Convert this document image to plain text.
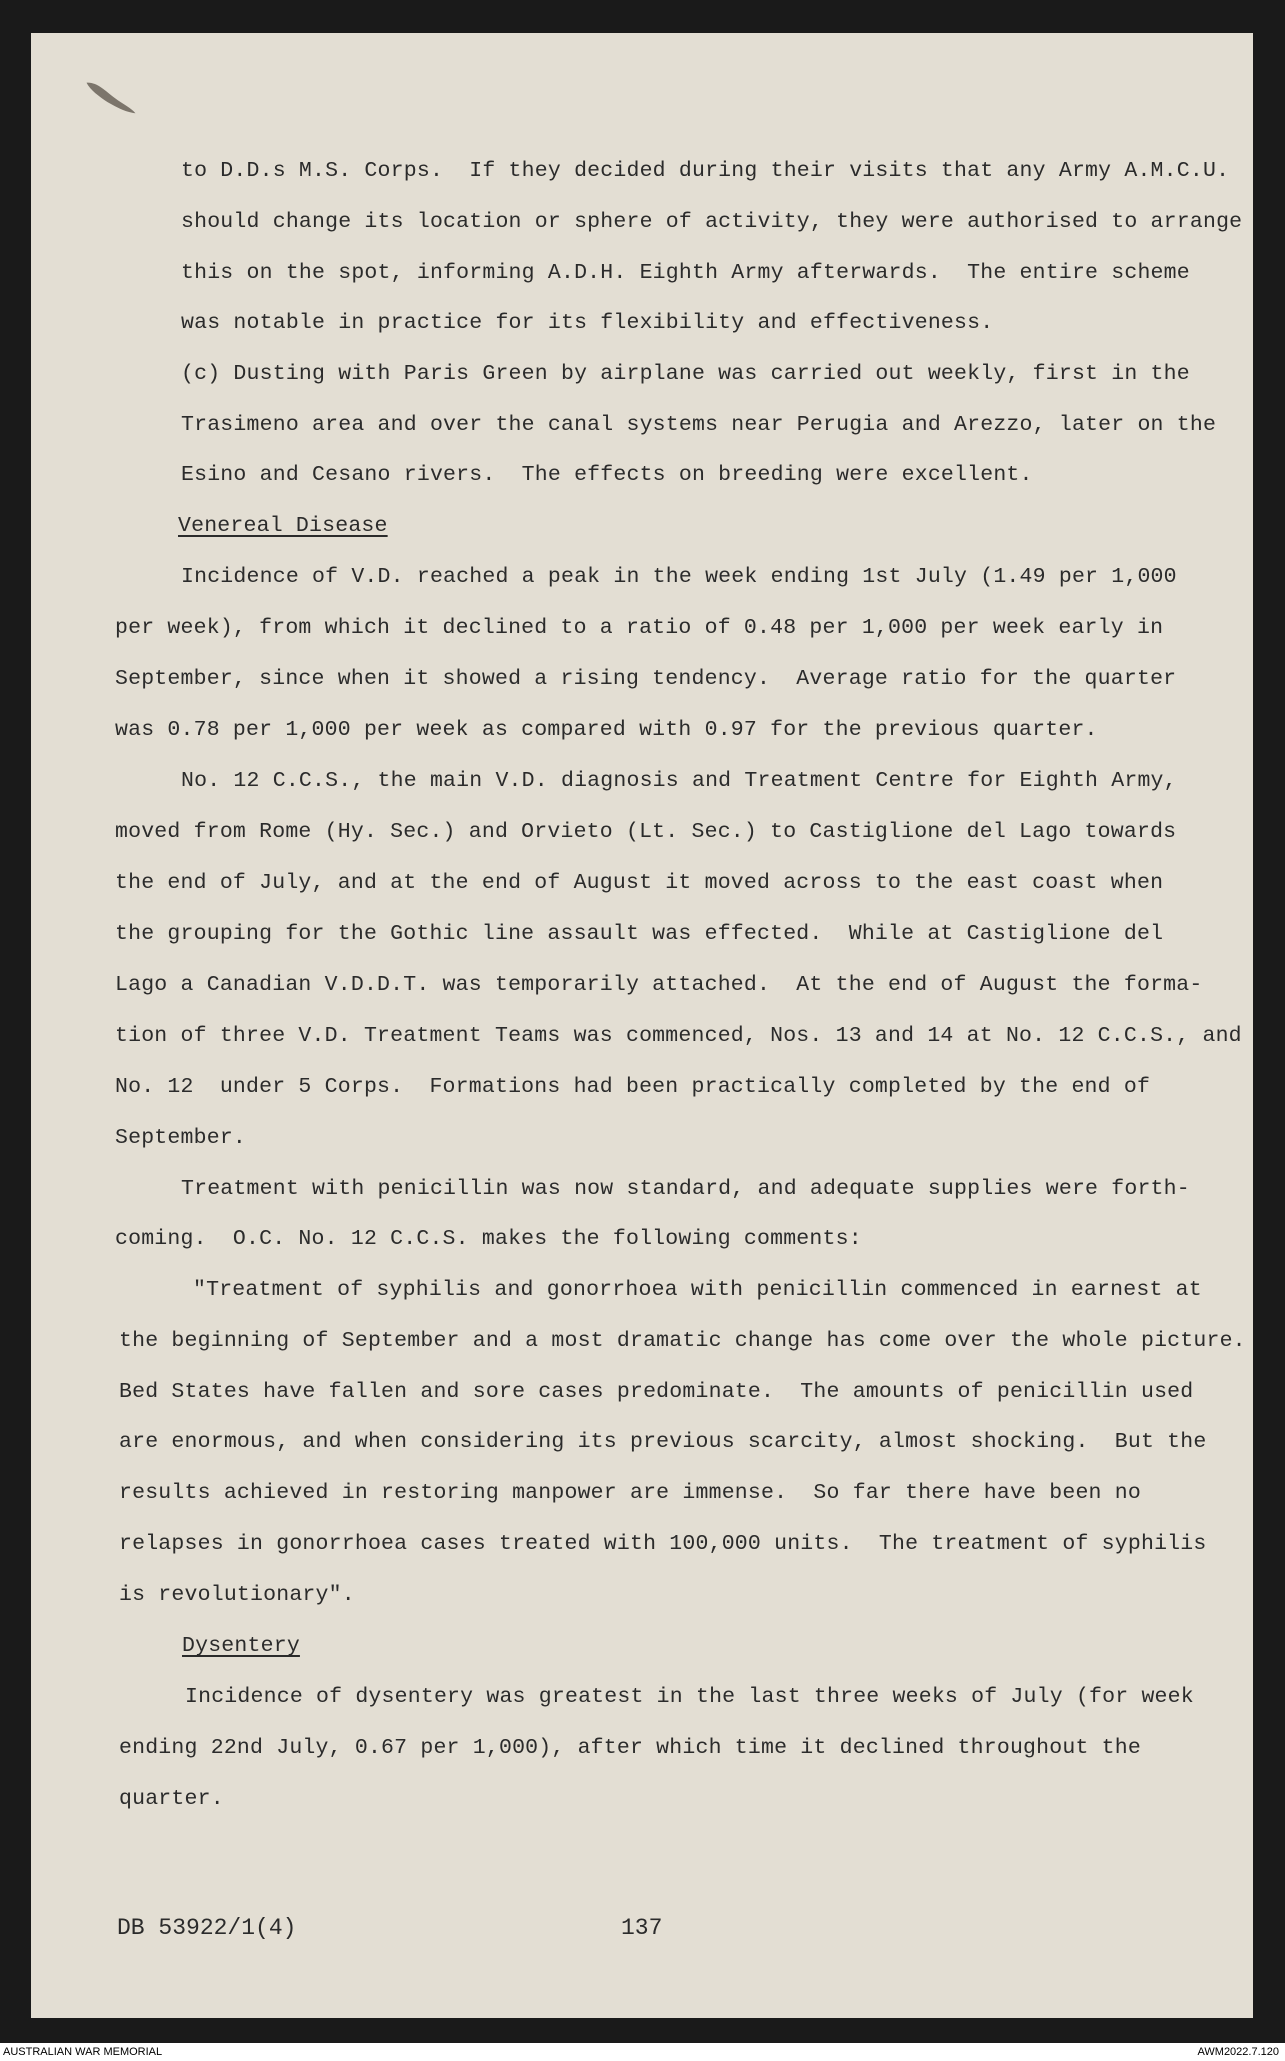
to D.D.s M.S. Corps.  If they decided during their visits that any Army A.M.C.U.
should change its location or sphere of activity, they were authorised to arrange
this on the spot, informing A.D.H. Eighth Army afterwards.  The entire scheme
was notable in practice for its flexibility and effectiveness.
(c) Dusting with Paris Green by airplane was carried out weekly, first in the
Trasimeno area and over the canal systems near Perugia and Arezzo, later on the
Esino and Cesano rivers.  The effects on breeding were excellent.
Venereal Disease
Incidence of V.D. reached a peak in the week ending 1st July (1.49 per 1,000
per week), from which it declined to a ratio of 0.48 per 1,000 per week early in
September, since when it showed a rising tendency.  Average ratio for the quarter
was 0.78 per 1,000 per week as compared with 0.97 for the previous quarter.
No. 12 C.C.S., the main V.D. diagnosis and Treatment Centre for Eighth Army,
moved from Rome (Hy. Sec.) and Orvieto (Lt. Sec.) to Castiglione del Lago towards
the end of July, and at the end of August it moved across to the east coast when
the grouping for the Gothic line assault was effected.  While at Castiglione del
Lago a Canadian V.D.D.T. was temporarily attached.  At the end of August the forma-
tion of three V.D. Treatment Teams was commenced, Nos. 13 and 14 at No. 12 C.C.S., and
No. 12  under 5 Corps.  Formations had been practically completed by the end of
September.
Treatment with penicillin was now standard, and adequate supplies were forth-
coming.  O.C. No. 12 C.C.S. makes the following comments:
"Treatment of syphilis and gonorrhoea with penicillin commenced in earnest at
the beginning of September and a most dramatic change has come over the whole picture.
Bed States have fallen and sore cases predominate.  The amounts of penicillin used
are enormous, and when considering its previous scarcity, almost shocking.  But the
results achieved in restoring manpower are immense.  So far there have been no
relapses in gonorrhoea cases treated with 100,000 units.  The treatment of syphilis
is revolutionary".
Dysentery
Incidence of dysentery was greatest in the last three weeks of July (for week
ending 22nd July, 0.67 per 1,000), after which time it declined throughout the
quarter.
DB 53922/1(4)	137
AUSTRALIAN WAR MEMORIAL	AWM2022.7.120
